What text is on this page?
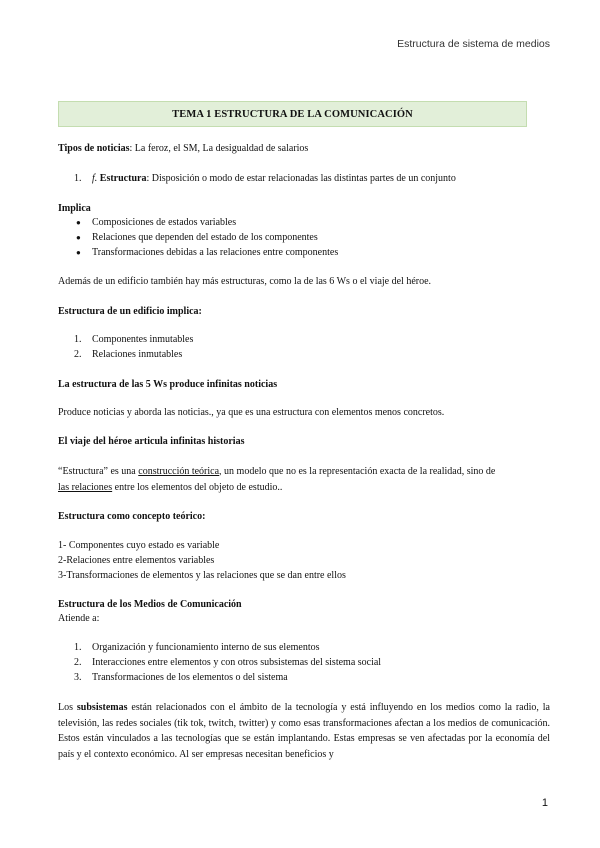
Estructura de sistema de medios
TEMA 1 ESTRUCTURA DE LA COMUNICACIÓN
Tipos de noticias: La feroz, el SM, La desigualdad de salarios
1. f. Estructura: Disposición o modo de estar relacionadas las distintas partes de un conjunto
Implica
● Composiciones de estados variables
● Relaciones que dependen del estado de los componentes
● Transformaciones debidas a las relaciones entre componentes
Además de un edificio también hay más estructuras, como la de las 6 Ws o el viaje del héroe.
Estructura de un edificio implica:
1. Componentes inmutables
2. Relaciones inmutables
La estructura de las 5 Ws produce infinitas noticias
Produce noticias y aborda las noticias., ya que es una estructura con elementos menos concretos.
El viaje del héroe articula infinitas historias
“Estructura” es una construcción teórica, un modelo que no es la representación exacta de la realidad, sino de
las relaciones entre los elementos del objeto de estudio..
Estructura como concepto teórico:
1- Componentes cuyo estado es variable
2-Relaciones entre elementos variables
3-Transformaciones de elementos y las relaciones que se dan entre ellos
Estructura de los Medios de Comunicación
Atiende a:
1. Organización y funcionamiento interno de sus elementos
2. Interacciones entre elementos y con otros subsistemas del sistema social
3. Transformaciones de los elementos o del sistema
Los subsistemas están relacionados con el ámbito de la tecnología y está influyendo en los medios como la radio, la televisión, las redes sociales (tik tok, twitch, twitter) y como esas transformaciones afectan a los medios de comunicación. Estos están vinculados a las tecnologías que se están implantando. Estas empresas se ven afectadas por la economía del país y el contexto económico. Al ser empresas necesitan beneficios y
1
